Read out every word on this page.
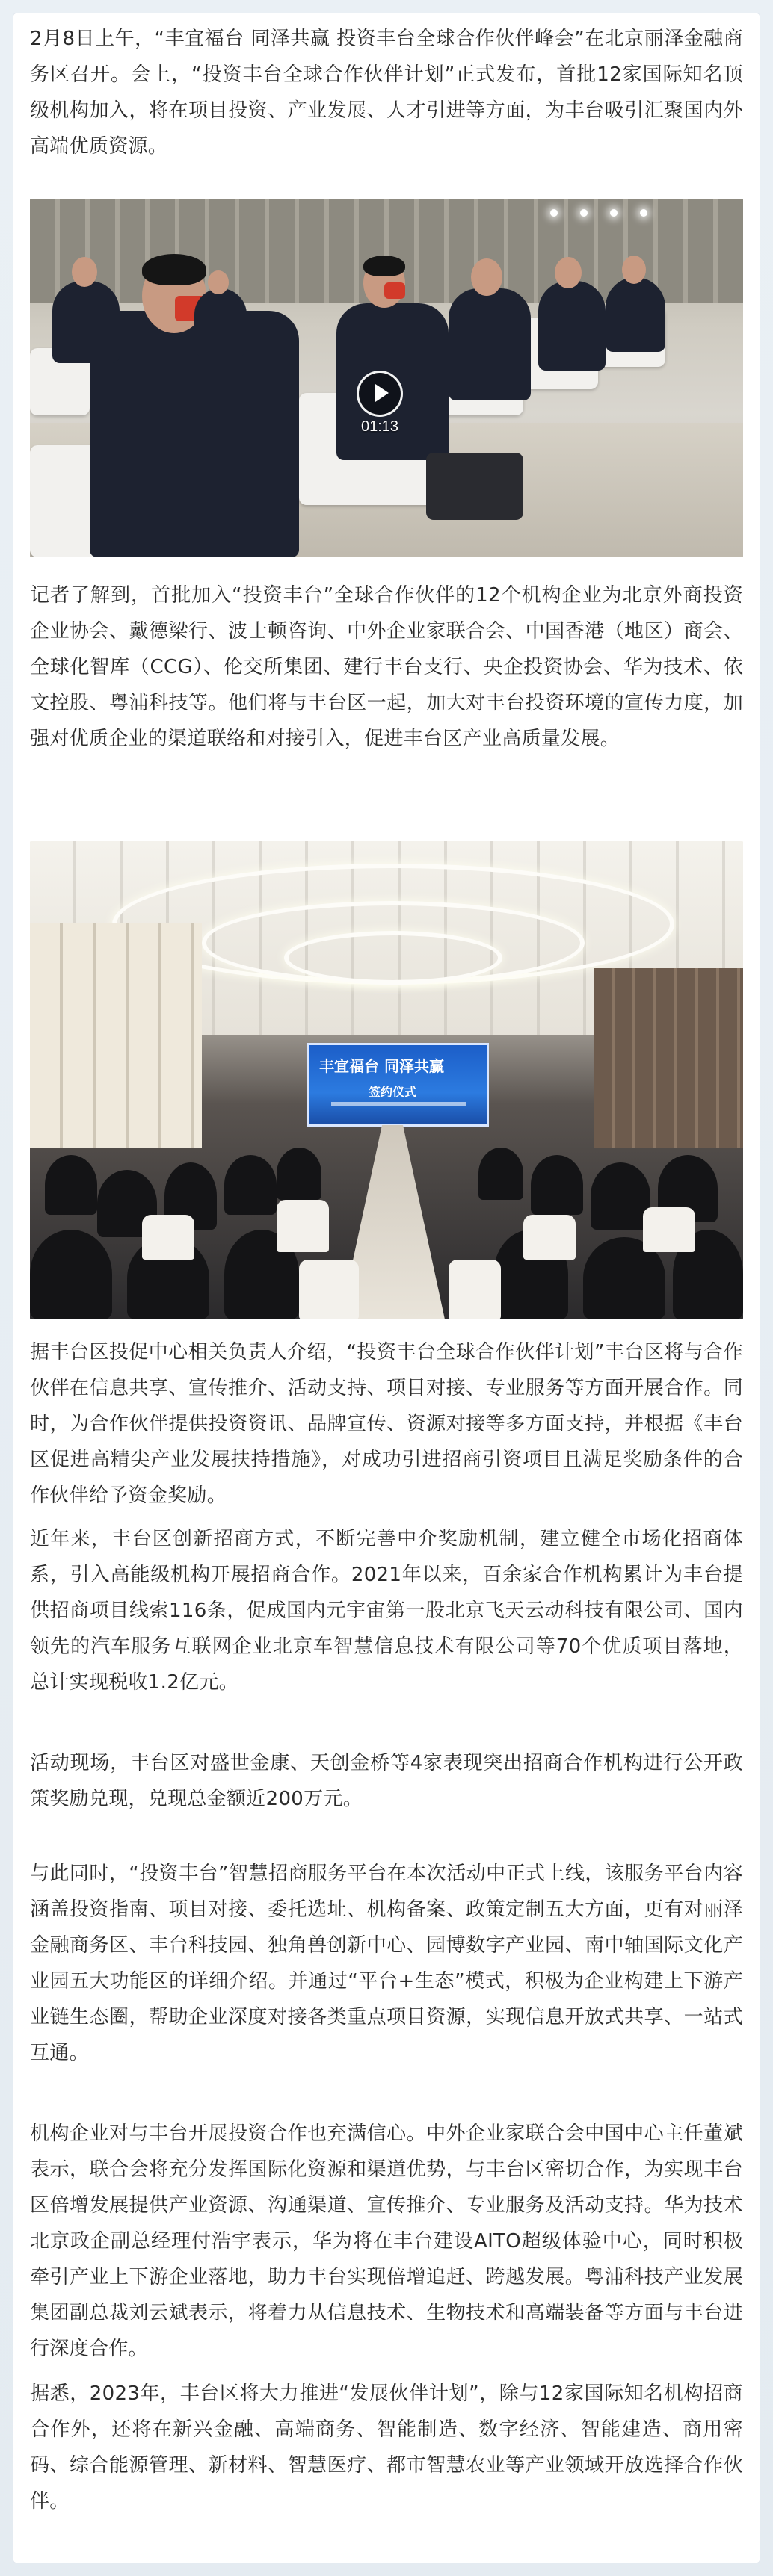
2月8日上午，“丰宜福台 同泽共赢 投资丰台全球合作伙伴峰会”在北京丽泽金融商务区召开。会上，“投资丰台全球合作伙伴计划”正式发布，首批12家国际知名顶级机构加入，将在项目投资、产业发展、人才引进等方面，为丰台吸引汇聚国内外高端优质资源。

01:13

记者了解到，首批加入“投资丰台”全球合作伙伴的12个机构企业为北京外商投资企业协会、戴德梁行、波士顿咨询、中外企业家联合会、中国香港（地区）商会、全球化智库（CCG）、伦交所集团、建行丰台支行、央企投资协会、华为技术、依文控股、粤浦科技等。他们将与丰台区一起，加大对丰台投资环境的宣传力度，加强对优质企业的渠道联络和对接引入，促进丰台区产业高质量发展。

丰宜福台 同泽共赢
签约仪式

据丰台区投促中心相关负责人介绍，“投资丰台全球合作伙伴计划”丰台区将与合作伙伴在信息共享、宣传推介、活动支持、项目对接、专业服务等方面开展合作。同时，为合作伙伴提供投资资讯、品牌宣传、资源对接等多方面支持，并根据《丰台区促进高精尖产业发展扶持措施》，对成功引进招商引资项目且满足奖励条件的合作伙伴给予资金奖励。

近年来，丰台区创新招商方式，不断完善中介奖励机制，建立健全市场化招商体系，引入高能级机构开展招商合作。2021年以来，百余家合作机构累计为丰台提供招商项目线索116条，促成国内元宇宙第一股北京飞天云动科技有限公司、国内领先的汽车服务互联网企业北京车智慧信息技术有限公司等70个优质项目落地，总计实现税收1.2亿元。

活动现场，丰台区对盛世金康、天创金桥等4家表现突出招商合作机构进行公开政策奖励兑现，兑现总金额近200万元。

与此同时，“投资丰台”智慧招商服务平台在本次活动中正式上线，该服务平台内容涵盖投资指南、项目对接、委托选址、机构备案、政策定制五大方面，更有对丽泽金融商务区、丰台科技园、独角兽创新中心、园博数字产业园、南中轴国际文化产业园五大功能区的详细介绍。并通过“平台+生态”模式，积极为企业构建上下游产业链生态圈，帮助企业深度对接各类重点项目资源，实现信息开放式共享、一站式互通。

机构企业对与丰台开展投资合作也充满信心。中外企业家联合会中国中心主任董斌表示，联合会将充分发挥国际化资源和渠道优势，与丰台区密切合作，为实现丰台区倍增发展提供产业资源、沟通渠道、宣传推介、专业服务及活动支持。华为技术北京政企副总经理付浩宇表示，华为将在丰台建设AITO超级体验中心，同时积极牵引产业上下游企业落地，助力丰台实现倍增追赶、跨越发展。粤浦科技产业发展集团副总裁刘云斌表示，将着力从信息技术、生物技术和高端装备等方面与丰台进行深度合作。

据悉，2023年，丰台区将大力推进“发展伙伴计划”，除与12家国际知名机构招商合作外，还将在新兴金融、高端商务、智能制造、数字经济、智能建造、商用密码、综合能源管理、新材料、智慧医疗、都市智慧农业等产业领域开放选择合作伙伴。
